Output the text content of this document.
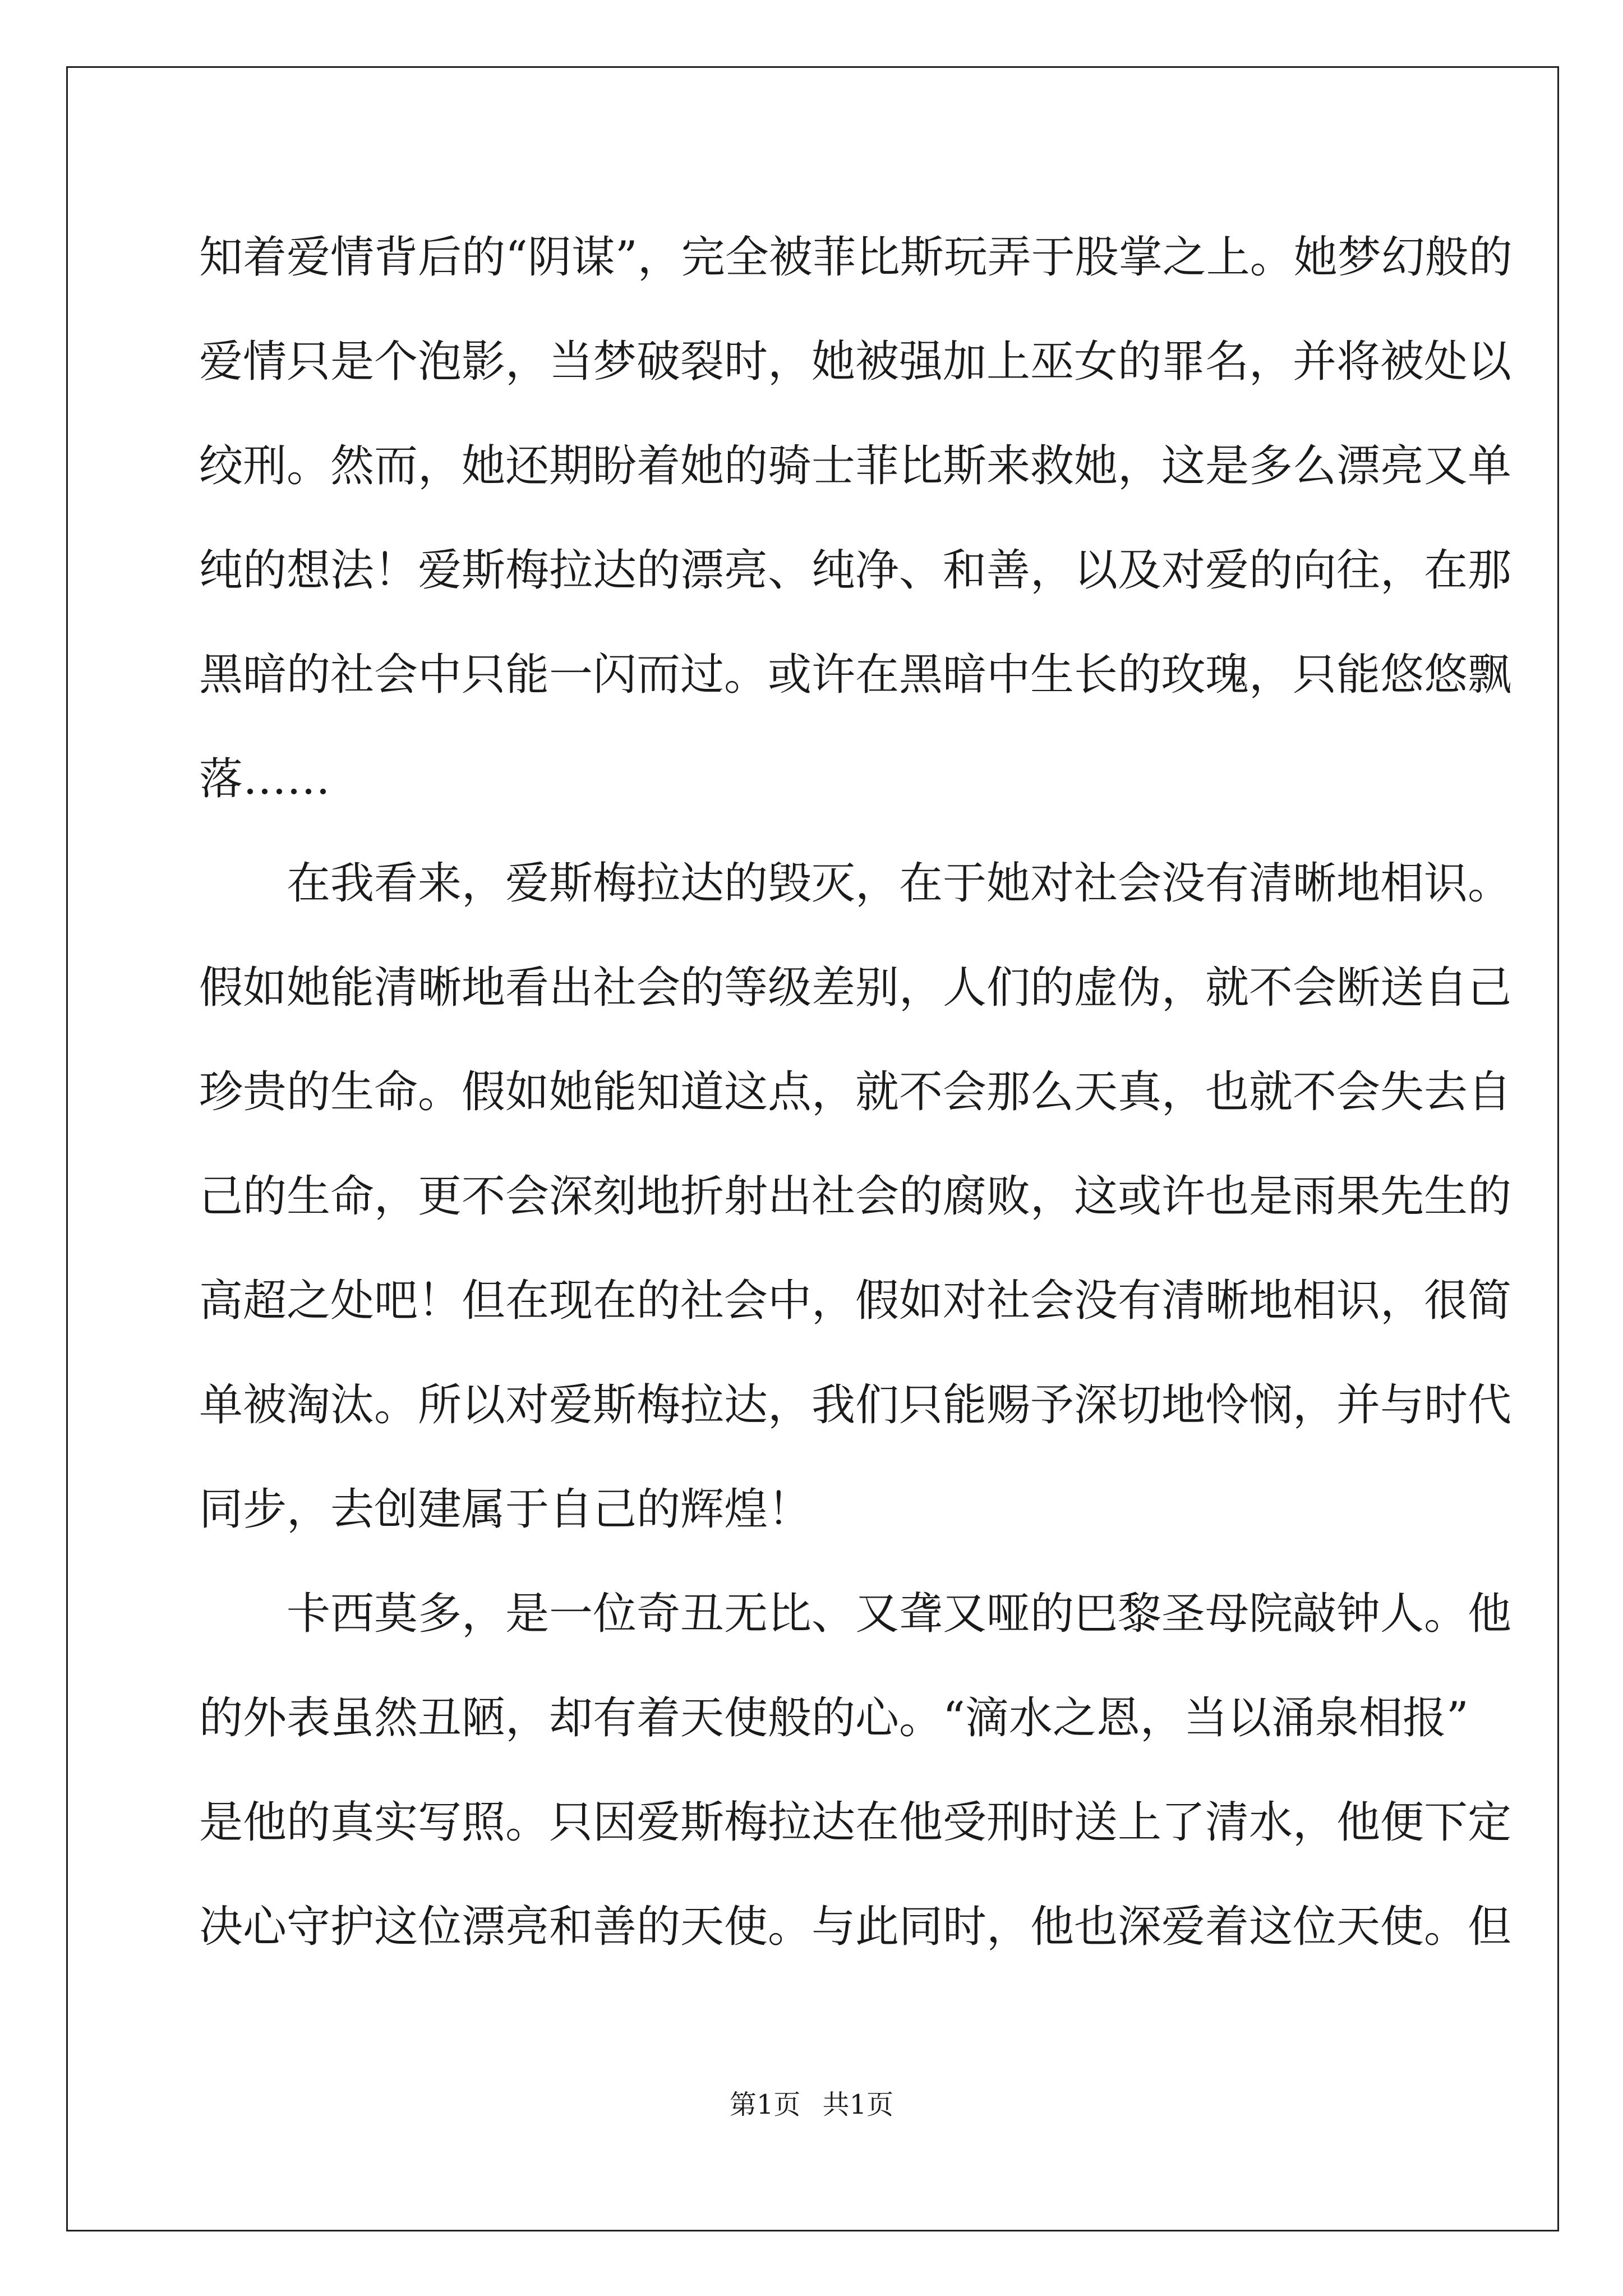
知着爱情背后的“阴谋”，完全被菲比斯玩弄于股掌之上。她梦幻般的

爱情只是个泡影，当梦破裂时，她被强加上巫女的罪名，并将被处以

绞刑。然而，她还期盼着她的骑士菲比斯来救她，这是多么漂亮又单

纯的想法！爱斯梅拉达的漂亮、纯净、和善，以及对爱的向往，在那

黑暗的社会中只能一闪而过。或许在黑暗中生长的玫瑰，只能悠悠飘

落……

在我看来，爱斯梅拉达的毁灭，在于她对社会没有清晰地相识。

假如她能清晰地看出社会的等级差别，人们的虚伪，就不会断送自己

珍贵的生命。假如她能知道这点，就不会那么天真，也就不会失去自

己的生命，更不会深刻地折射出社会的腐败，这或许也是雨果先生的

高超之处吧！但在现在的社会中，假如对社会没有清晰地相识，很简

单被淘汰。所以对爱斯梅拉达，我们只能赐予深切地怜悯，并与时代

同步，去创建属于自己的辉煌！

卡西莫多，是一位奇丑无比、又聋又哑的巴黎圣母院敲钟人。他

的外表虽然丑陋，却有着天使般的心。“滴水之恩，当以涌泉相报”

是他的真实写照。只因爱斯梅拉达在他受刑时送上了清水，他便下定

决心守护这位漂亮和善的天使。与此同时，他也深爱着这位天使。但

第1页 共1页
